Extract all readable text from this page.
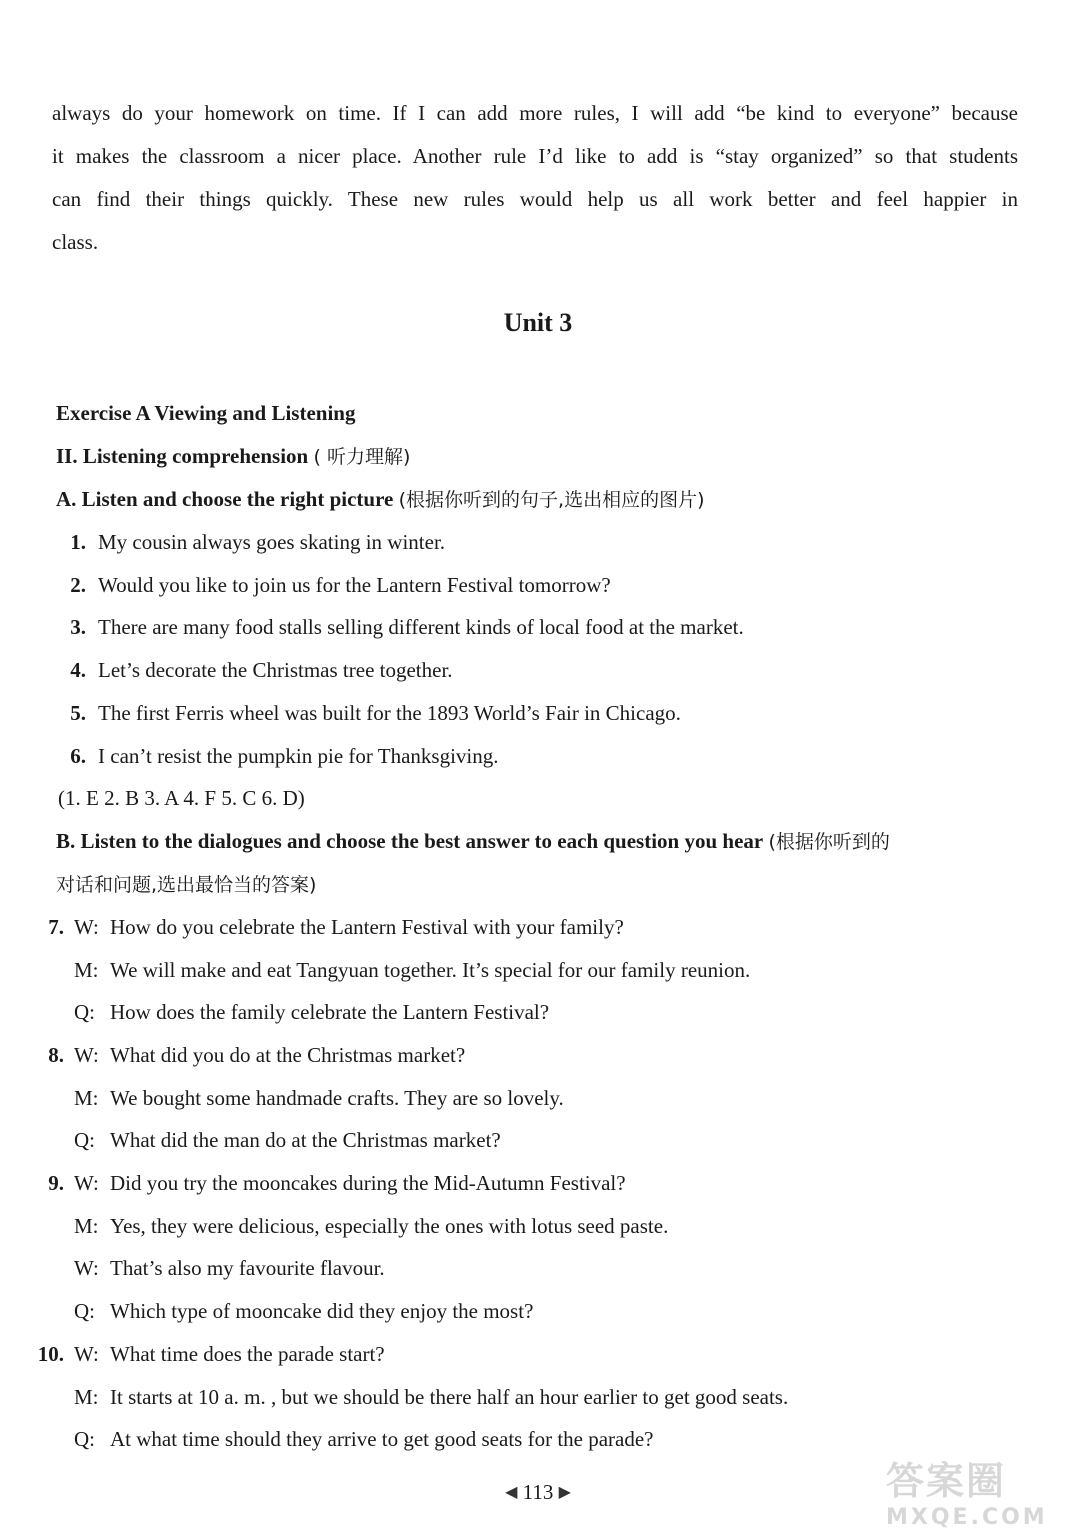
always do your homework on time. If I can add more rules, I will add “be kind to everyone” because
it makes the classroom a nicer place. Another rule I’d like to add is “stay organized” so that students
can find their things quickly. These new rules would help us all work better and feel happier in
class.
Unit 3
Exercise A Viewing and Listening
II. Listening comprehension ( 听力理解)
A. Listen and choose the right picture (根据你听到的句子,选出相应的图片)
1. My cousin always goes skating in winter.
2. Would you like to join us for the Lantern Festival tomorrow?
3. There are many food stalls selling different kinds of local food at the market.
4. Let’s decorate the Christmas tree together.
5. The first Ferris wheel was built for the 1893 World’s Fair in Chicago.
6. I can’t resist the pumpkin pie for Thanksgiving.
(1. E 2. B 3. A 4. F 5. C 6. D)
B. Listen to the dialogues and choose the best answer to each question you hear (根据你听到的
对话和问题,选出最恰当的答案)
7. W: How do you celebrate the Lantern Festival with your family?
M: We will make and eat Tangyuan together. It’s special for our family reunion.
Q: How does the family celebrate the Lantern Festival?
8. W: What did you do at the Christmas market?
M: We bought some handmade crafts. They are so lovely.
Q: What did the man do at the Christmas market?
9. W: Did you try the mooncakes during the Mid-Autumn Festival?
M: Yes, they were delicious, especially the ones with lotus seed paste.
W: That’s also my favourite flavour.
Q: Which type of mooncake did they enjoy the most?
10. W: What time does the parade start?
M: It starts at 10 a. m. , but we should be there half an hour earlier to get good seats.
Q: At what time should they arrive to get good seats for the parade?
◀ 113 ▶	答案圈
MXQE.COM
